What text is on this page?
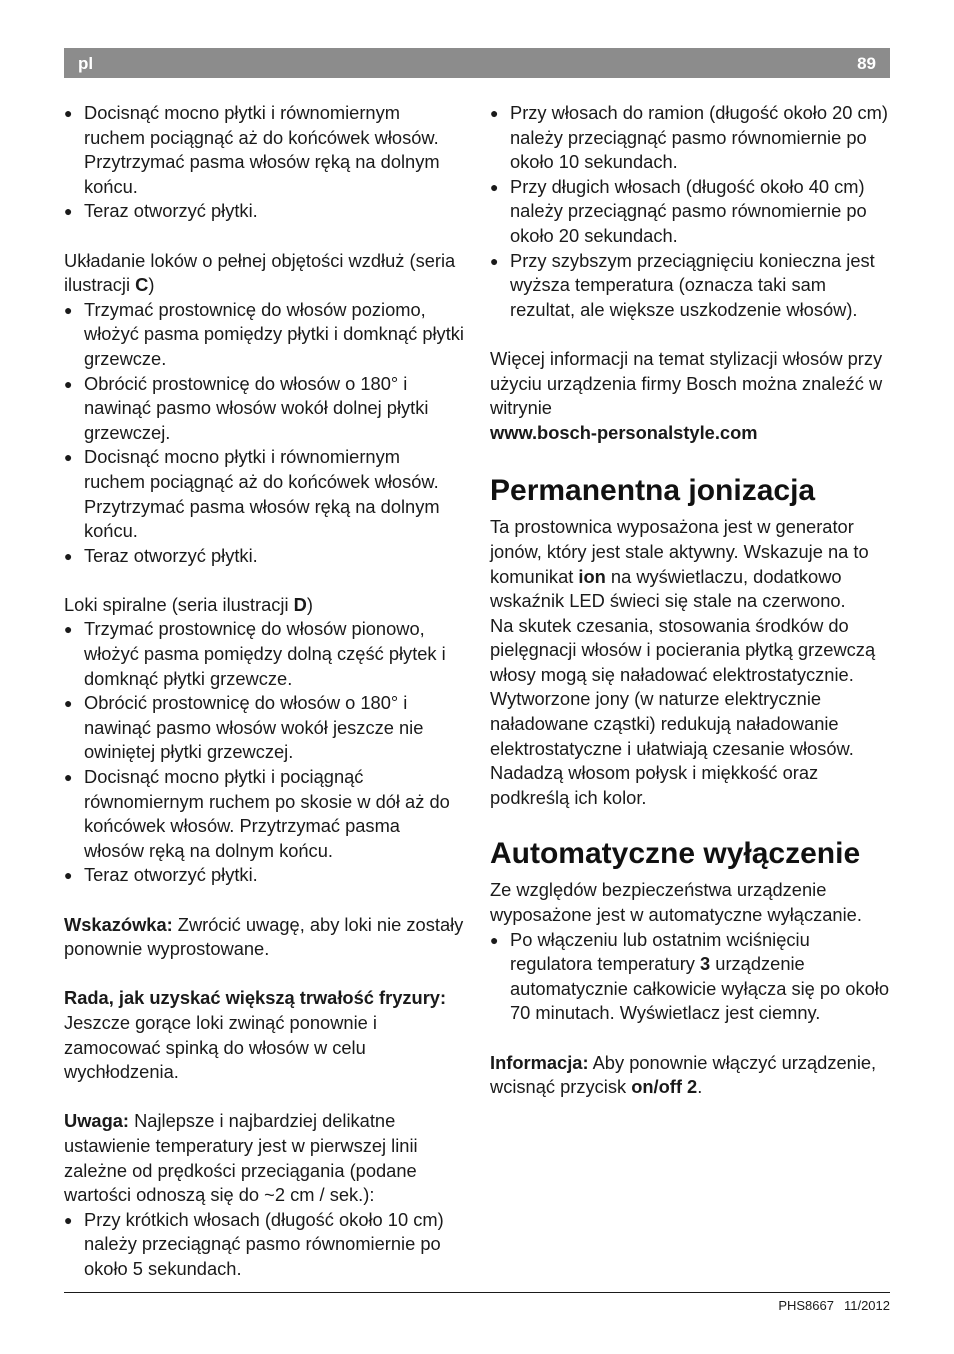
pl	89
● Docisnąć mocno płytki i równomiernym ruchem pociągnąć aż do końcówek włosów. Przytrzymać pasma włosów ręką na dolnym końcu.
● Teraz otworzyć płytki.

Układanie loków o pełnej objętości wzdłuż (seria ilustracji C)

● Trzymać prostownicę do włosów poziomo, włożyć pasma pomiędzy płytki i domknąć płytki grzewcze.
● Obrócić prostownicę do włosów o 180° i nawinąć pasmo włosów wokół dolnej płytki grzewczej.
● Docisnąć mocno płytki i równomiernym ruchem pociągnąć aż do końcówek włosów. Przytrzymać pasma włosów ręką na dolnym końcu.
● Teraz otworzyć płytki.

Loki spiralne (seria ilustracji D)

● Trzymać prostownicę do włosów pionowo, włożyć pasma pomiędzy dolną część płytek i domknąć płytki grzewcze.
● Obrócić prostownicę do włosów o 180° i nawinąć pasmo włosów wokół jeszcze nie owiniętej płytki grzewczej.
● Docisnąć mocno płytki i pociągnąć równomiernym ruchem po skosie w dół aż do końcówek włosów. Przytrzymać pasma włosów ręką na dolnym końcu.
● Teraz otworzyć płytki.

Wskazówka: Zwrócić uwagę, aby loki nie zostały ponownie wyprostowane.

Rada, jak uzyskać większą trwałość fryzury: Jeszcze gorące loki zwinąć ponownie i zamocować spinką do włosów w celu wychłodzenia.

Uwaga: Najlepsze i najbardziej delikatne ustawienie temperatury jest w pierwszej linii zależne od prędkości przeciągania (podane wartości odnoszą się do ~2 cm / sek.):

● Przy krótkich włosach (długość około 10 cm) należy przeciągnąć pasmo równomiernie po około 5 sekundach.
● Przy włosach do ramion (długość około 20 cm) należy przeciągnąć pasmo równomiernie po około 10 sekundach.
● Przy długich włosach (długość około 40 cm) należy przeciągnąć pasmo równomiernie po około 20 sekundach.
● Przy szybszym przeciągnięciu konieczna jest wyższa temperatura (oznacza taki sam rezultat, ale większe uszkodzenie włosów).

Więcej informacji na temat stylizacji włosów przy użyciu urządzenia firmy Bosch można znaleźć w witrynie

www.bosch-personalstyle.com

Permanentna jonizacja

Ta prostownica wyposażona jest w generator jonów, który jest stale aktywny. Wskazuje na to komunikat ion na wyświetlaczu, dodatkowo wskaźnik LED świeci się stale na czerwono.

Na skutek czesania, stosowania środków do pielęgnacji włosów i pocierania płytką grzewczą włosy mogą się naładować elektrostatycznie. Wytworzone jony (w naturze elektrycznie naładowane cząstki) redukują naładowanie elektrostatyczne i ułatwiają czesanie włosów.

Nadadzą włosom połysk i miękkość oraz podkreślą ich kolor.

Automatyczne wyłączenie

Ze względów bezpieczeństwa urządzenie wyposażone jest w automatyczne wyłączanie.

● Po włączeniu lub ostatnim wciśnięciu regulatora temperatury 3 urządzenie automatycznie całkowicie wyłącza się po około 70 minutach. Wyświetlacz jest ciemny.

Informacja: Aby ponownie włączyć urządzenie, wcisnąć przycisk on/off 2.

PHS8667 11/2012
